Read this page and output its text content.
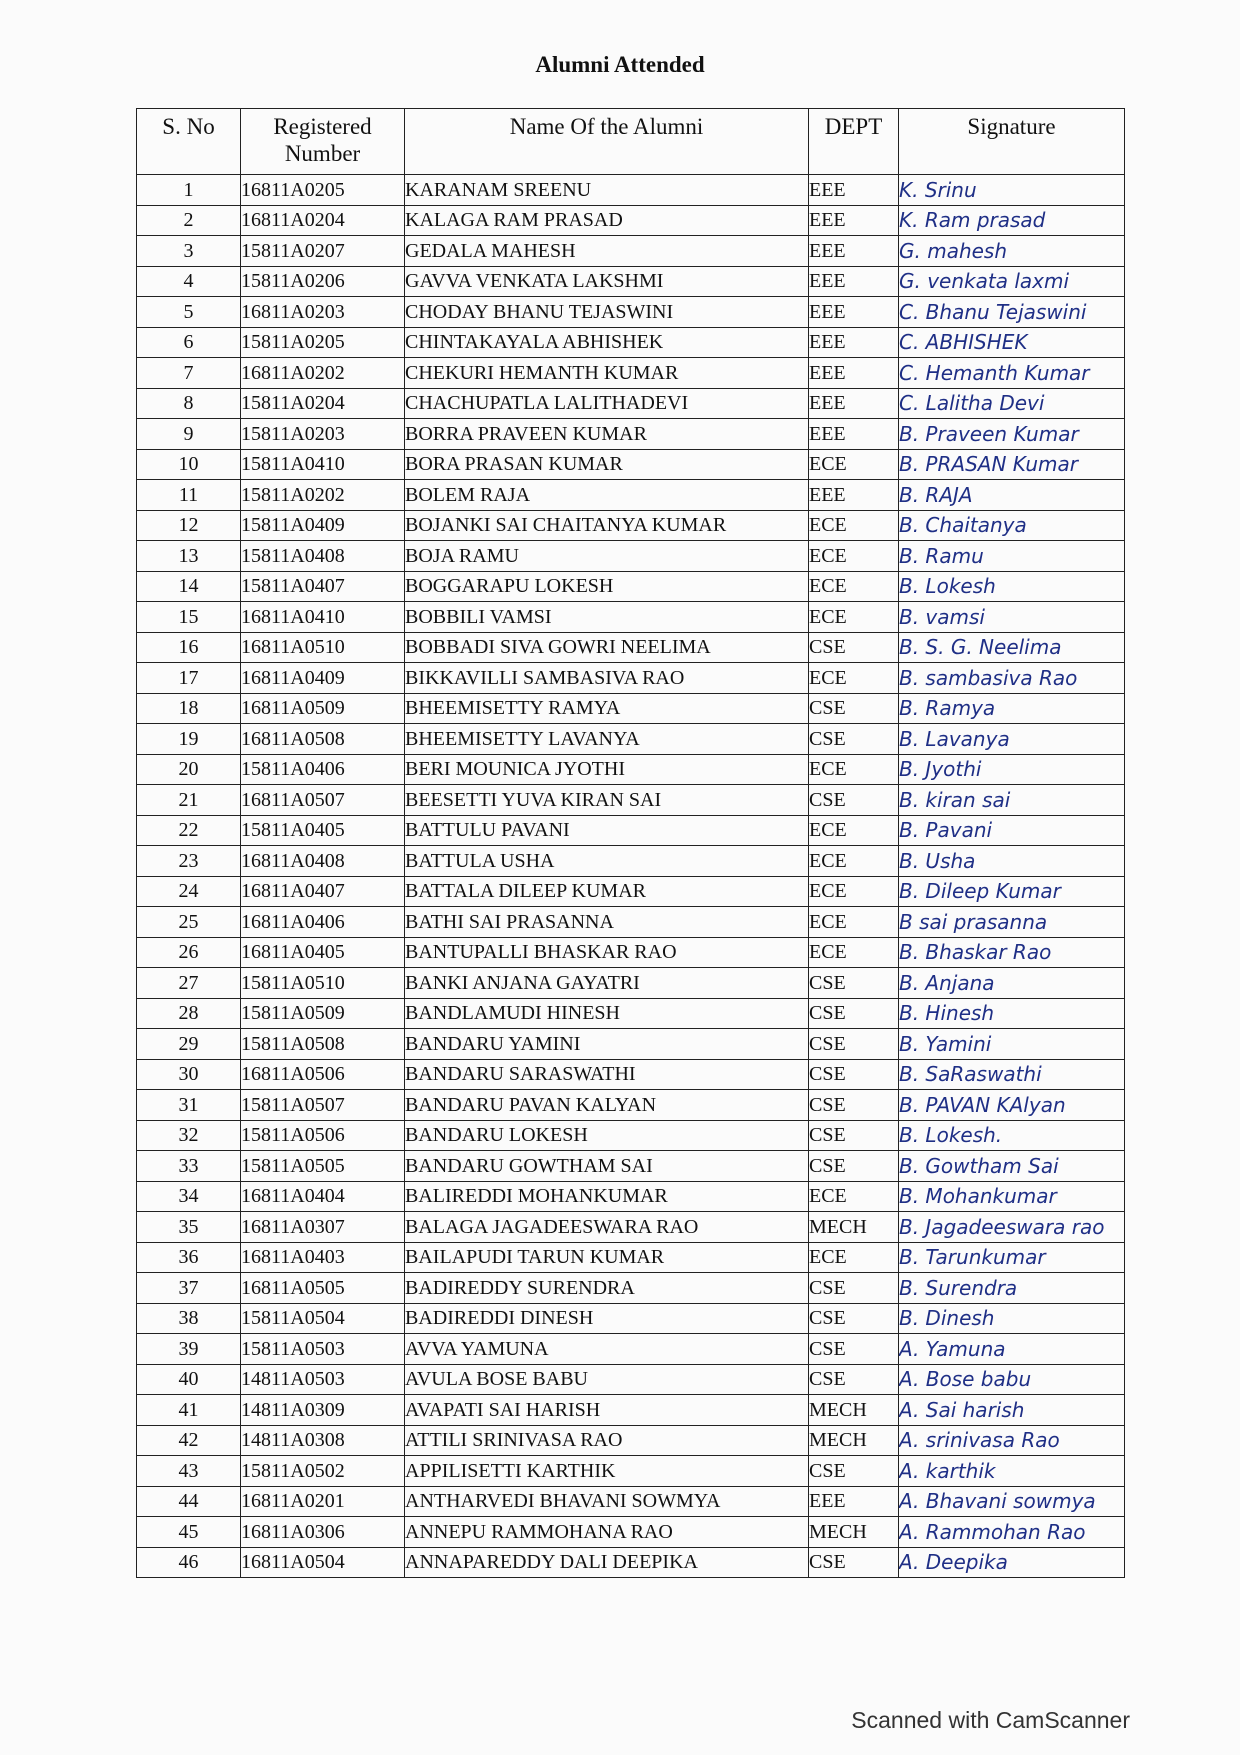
Alumni Attended
S. No	Registered Number	Name Of the Alumni	DEPT	Signature
1	16811A0205	KARANAM SREENU	EEE	K. Srinu
2	16811A0204	KALAGA RAM PRASAD	EEE	K. Ram prasad
3	15811A0207	GEDALA MAHESH	EEE	G. mahesh
4	15811A0206	GAVVA VENKATA LAKSHMI	EEE	G. venkata laxmi
5	16811A0203	CHODAY BHANU TEJASWINI	EEE	C. Bhanu Tejaswini
6	15811A0205	CHINTAKAYALA ABHISHEK	EEE	C. ABHISHEK
7	16811A0202	CHEKURI HEMANTH KUMAR	EEE	C. Hemanth Kumar
8	15811A0204	CHACHUPATLA LALITHADEVI	EEE	C. Lalitha Devi
9	15811A0203	BORRA PRAVEEN KUMAR	EEE	B. Praveen Kumar
10	15811A0410	BORA PRASAN KUMAR	ECE	B. PRASAN Kumar
11	15811A0202	BOLEM RAJA	EEE	B. RAJA
12	15811A0409	BOJANKI SAI CHAITANYA KUMAR	ECE	B. Chaitanya
13	15811A0408	BOJA RAMU	ECE	B. Ramu
14	15811A0407	BOGGARAPU LOKESH	ECE	B. Lokesh
15	16811A0410	BOBBILI VAMSI	ECE	B. vamsi
16	16811A0510	BOBBADI SIVA GOWRI NEELIMA	CSE	B. S. G. Neelima
17	16811A0409	BIKKAVILLI SAMBASIVA RAO	ECE	B. sambasiva Rao
18	16811A0509	BHEEMISETTY RAMYA	CSE	B. Ramya
19	16811A0508	BHEEMISETTY LAVANYA	CSE	B. Lavanya
20	15811A0406	BERI MOUNICA JYOTHI	ECE	B. Jyothi
21	16811A0507	BEESETTI YUVA KIRAN SAI	CSE	B. kiran sai
22	15811A0405	BATTULU PAVANI	ECE	B. Pavani
23	16811A0408	BATTULA USHA	ECE	B. Usha
24	16811A0407	BATTALA DILEEP KUMAR	ECE	B. Dileep Kumar
25	16811A0406	BATHI SAI PRASANNA	ECE	B sai prasanna
26	16811A0405	BANTUPALLI BHASKAR RAO	ECE	B. Bhaskar Rao
27	15811A0510	BANKI ANJANA GAYATRI	CSE	B. Anjana
28	15811A0509	BANDLAMUDI HINESH	CSE	B. Hinesh
29	15811A0508	BANDARU YAMINI	CSE	B. Yamini
30	16811A0506	BANDARU SARASWATHI	CSE	B. SaRaswathi
31	15811A0507	BANDARU PAVAN KALYAN	CSE	B. PAVAN KAlyan
32	15811A0506	BANDARU LOKESH	CSE	B. Lokesh.
33	15811A0505	BANDARU GOWTHAM SAI	CSE	B. Gowtham Sai
34	16811A0404	BALIREDDI MOHANKUMAR	ECE	B. Mohankumar
35	16811A0307	BALAGA JAGADEESWARA RAO	MECH	B. Jagadeeswara rao
36	16811A0403	BAILAPUDI TARUN KUMAR	ECE	B. Tarunkumar
37	16811A0505	BADIREDDY SURENDRA	CSE	B. Surendra
38	15811A0504	BADIREDDI DINESH	CSE	B. Dinesh
39	15811A0503	AVVA YAMUNA	CSE	A. Yamuna
40	14811A0503	AVULA BOSE BABU	CSE	A. Bose babu
41	14811A0309	AVAPATI SAI HARISH	MECH	A. Sai harish
42	14811A0308	ATTILI SRINIVASA RAO	MECH	A. srinivasa Rao
43	15811A0502	APPILISETTI KARTHIK	CSE	A. karthik
44	16811A0201	ANTHARVEDI BHAVANI SOWMYA	EEE	A. Bhavani sowmya
45	16811A0306	ANNEPU RAMMOHANA RAO	MECH	A. Rammohan Rao
46	16811A0504	ANNAPAREDDY DALI DEEPIKA	CSE	A. Deepika
Scanned with CamScanner
